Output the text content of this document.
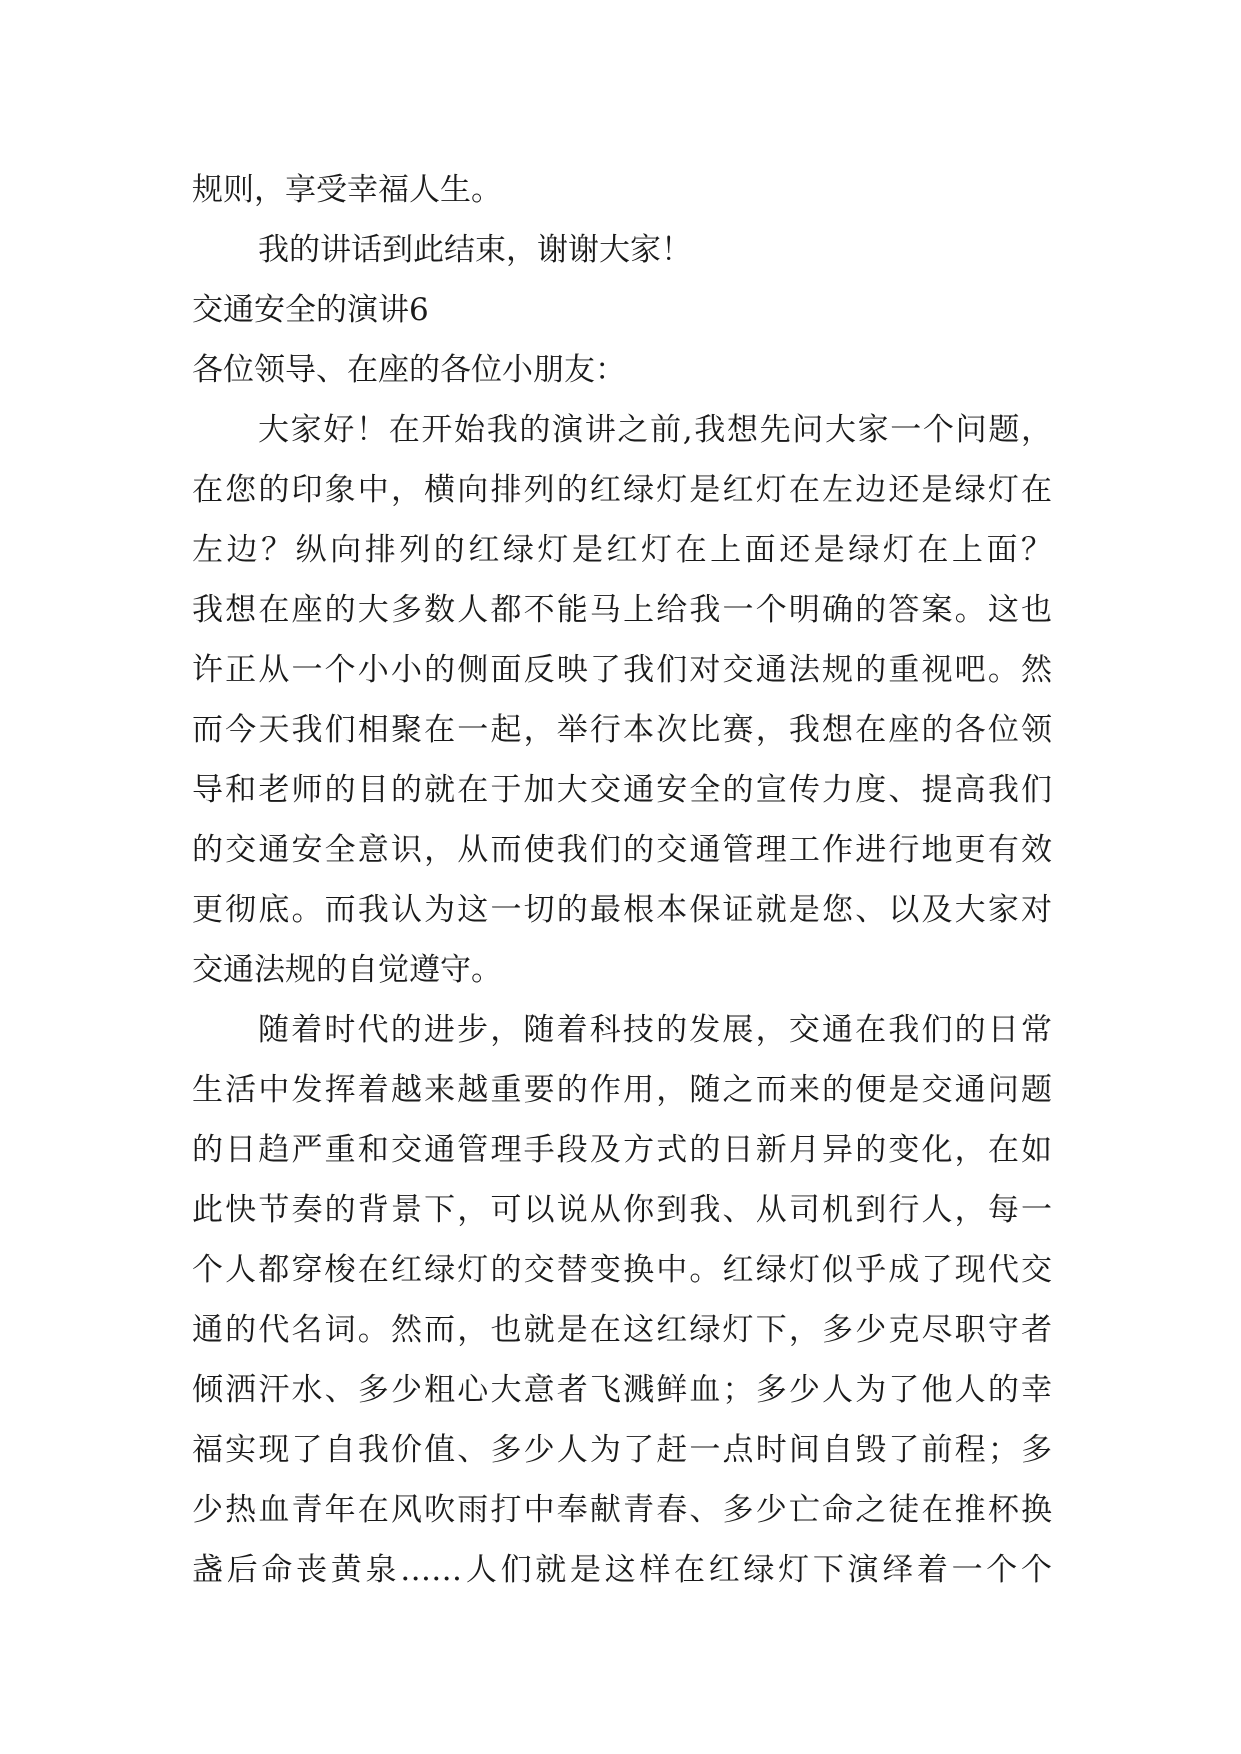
规则，享受幸福人生。
我的讲话到此结束，谢谢大家！
交通安全的演讲6
各位领导、在座的各位小朋友：
大家好！在开始我的演讲之前,我想先问大家一个问题，
在您的印象中，横向排列的红绿灯是红灯在左边还是绿灯在
左边？纵向排列的红绿灯是红灯在上面还是绿灯在上面？
我想在座的大多数人都不能马上给我一个明确的答案。这也
许正从一个小小的侧面反映了我们对交通法规的重视吧。然
而今天我们相聚在一起，举行本次比赛，我想在座的各位领
导和老师的目的就在于加大交通安全的宣传力度、提高我们
的交通安全意识，从而使我们的交通管理工作进行地更有效
更彻底。而我认为这一切的最根本保证就是您、以及大家对
交通法规的自觉遵守。
随着时代的进步，随着科技的发展，交通在我们的日常
生活中发挥着越来越重要的作用，随之而来的便是交通问题
的日趋严重和交通管理手段及方式的日新月异的变化，在如
此快节奏的背景下，可以说从你到我、从司机到行人，每一
个人都穿梭在红绿灯的交替变换中。红绿灯似乎成了现代交
通的代名词。然而，也就是在这红绿灯下，多少克尽职守者
倾洒汗水、多少粗心大意者飞溅鲜血；多少人为了他人的幸
福实现了自我价值、多少人为了赶一点时间自毁了前程；多
少热血青年在风吹雨打中奉献青春、多少亡命之徒在推杯换
盏后命丧黄泉……人们就是这样在红绿灯下演绎着一个个
